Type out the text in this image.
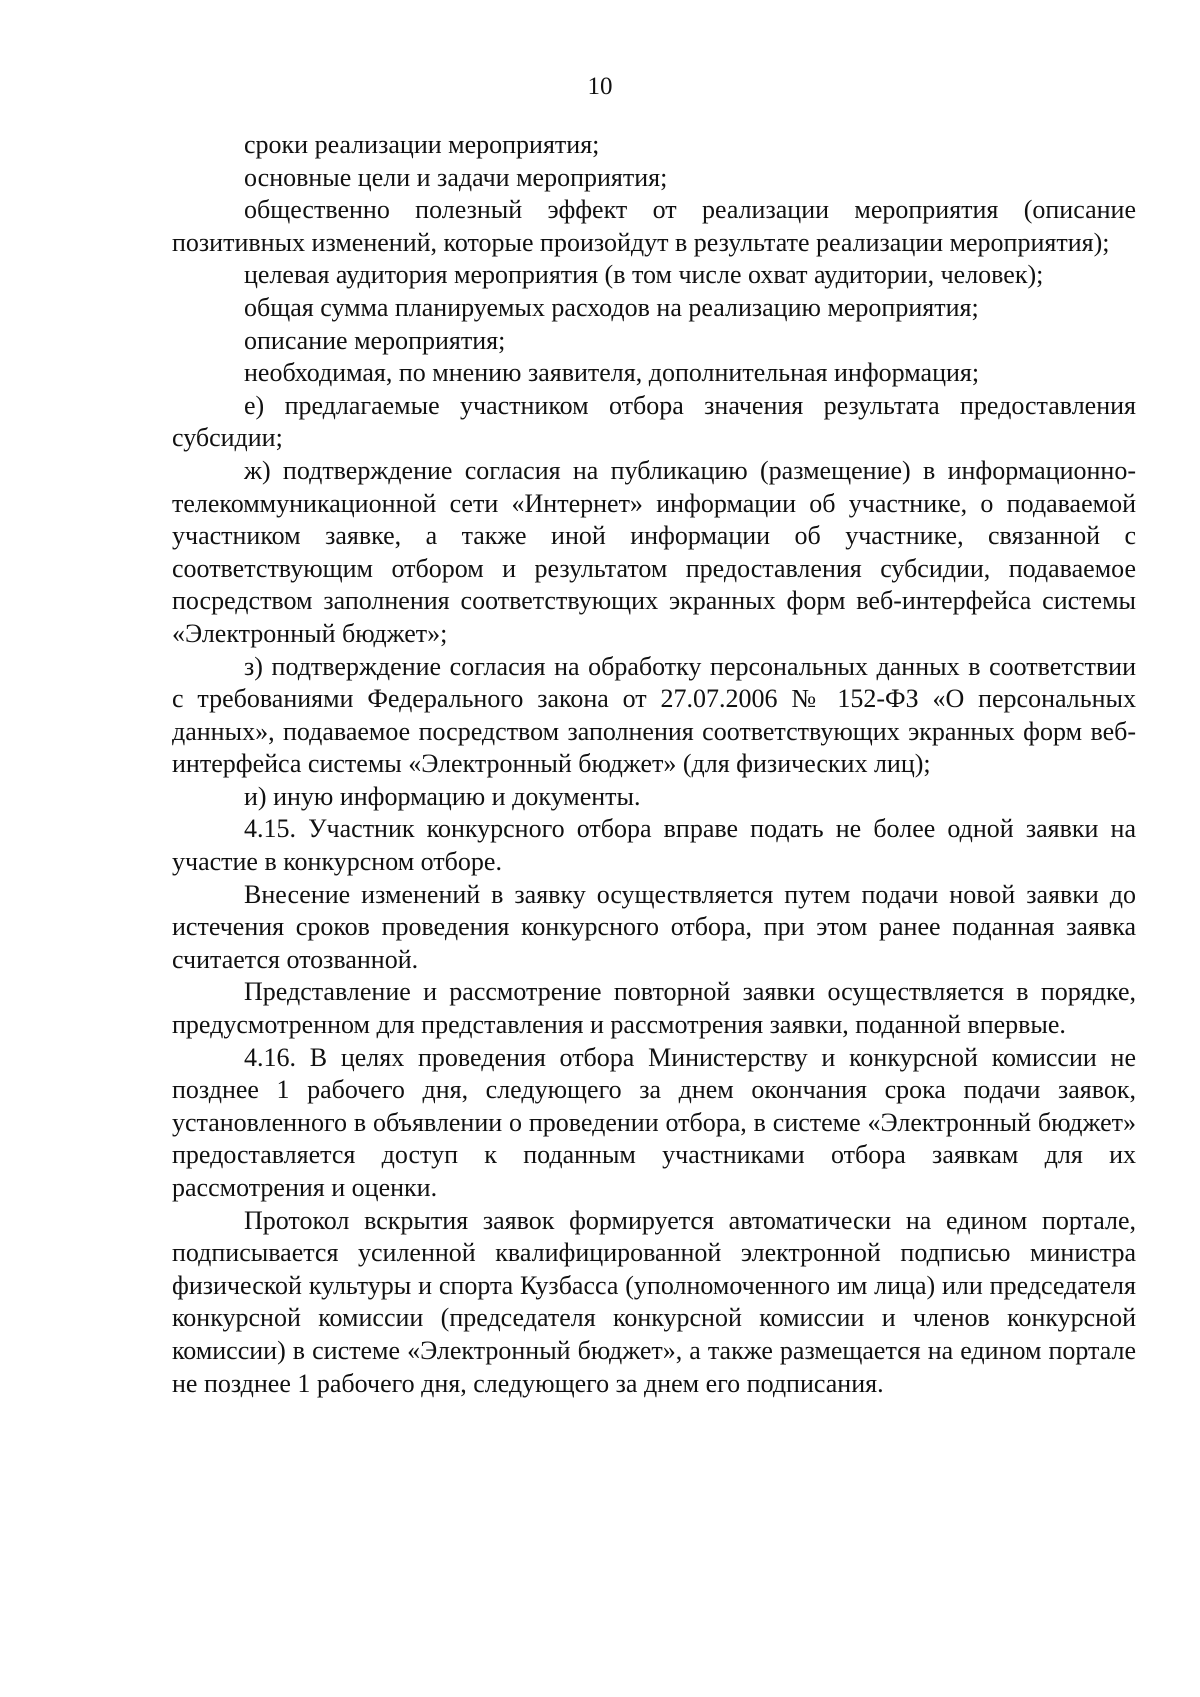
10

сроки реализации мероприятия;

основные цели и задачи мероприятия;

общественно полезный эффект от реализации мероприятия (описание позитивных изменений, которые произойдут в результате реализации мероприятия);

целевая аудитория мероприятия (в том числе охват аудитории, человек);

общая сумма планируемых расходов на реализацию мероприятия;

описание мероприятия;

необходимая, по мнению заявителя, дополнительная информация;

е) предлагаемые участником отбора значения результата предоставления субсидии;

ж) подтверждение согласия на публикацию (размещение) в информационно-телекоммуникационной сети «Интернет» информации об участнике, о подаваемой участником заявке, а также иной информации об участнике, связанной с соответствующим отбором и результатом предоставления субсидии, подаваемое посредством заполнения соответствующих экранных форм веб-интерфейса системы «Электронный бюджет»;

з) подтверждение согласия на обработку персональных данных в соответствии с требованиями Федерального закона от 27.07.2006 № 152-ФЗ «О персональных данных», подаваемое посредством заполнения соответствующих экранных форм веб-интерфейса системы «Электронный бюджет» (для физических лиц);

и) иную информацию и документы.

4.15. Участник конкурсного отбора вправе подать не более одной заявки на участие в конкурсном отборе.

Внесение изменений в заявку осуществляется путем подачи новой заявки до истечения сроков проведения конкурсного отбора, при этом ранее поданная заявка считается отозванной.

Представление и рассмотрение повторной заявки осуществляется в порядке, предусмотренном для представления и рассмотрения заявки, поданной впервые.

4.16. В целях проведения отбора Министерству и конкурсной комиссии не позднее 1 рабочего дня, следующего за днем окончания срока подачи заявок, установленного в объявлении о проведении отбора, в системе «Электронный бюджет» предоставляется доступ к поданным участниками отбора заявкам для их рассмотрения и оценки.

Протокол вскрытия заявок формируется автоматически на едином портале, подписывается усиленной квалифицированной электронной подписью министра физической культуры и спорта Кузбасса (уполномоченного им лица) или председателя конкурсной комиссии (председателя конкурсной комиссии и членов конкурсной комиссии) в системе «Электронный бюджет», а также размещается на едином портале не позднее 1 рабочего дня, следующего за днем его подписания.
